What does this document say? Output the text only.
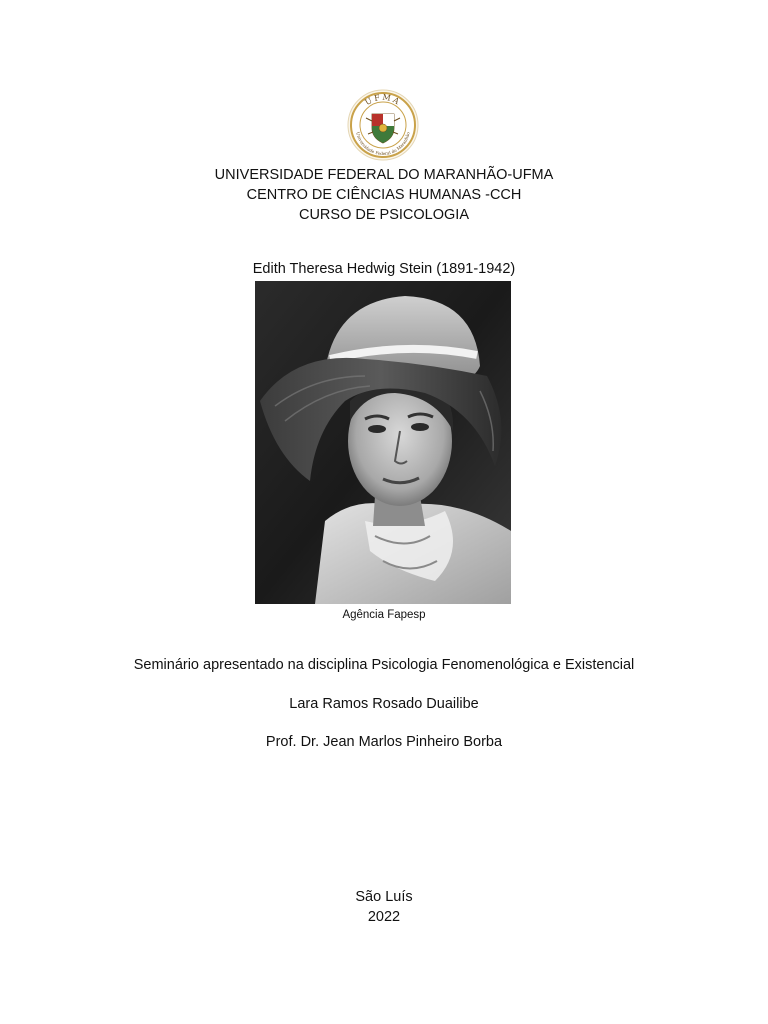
UFMA
Universidade Federal do Maranhão
UNIVERSIDADE FEDERAL DO MARANHÃO-UFMA
CENTRO DE CIÊNCIAS HUMANAS -CCH
CURSO DE PSICOLOGIA
Edith Theresa Hedwig Stein (1891-1942)
Agência Fapesp
Seminário apresentado na disciplina Psicologia Fenomenológica e Existencial
Lara Ramos Rosado Duailibe
Prof. Dr. Jean Marlos Pinheiro Borba
São Luís
2022
